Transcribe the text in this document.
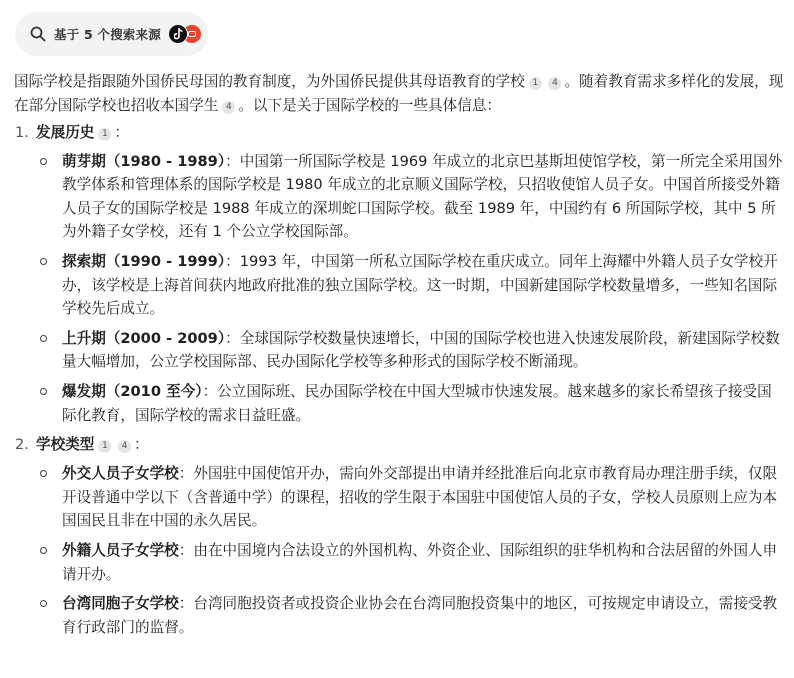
基于 5 个搜索来源

国际学校是指跟随外国侨民母国的教育制度，为外国侨民提供其母语教育的学校 1 4 。随着教育需求多样化的发展，现在部分国际学校也招收本国学生 4 。以下是关于国际学校的一些具体信息：

1. 发展历史 1 ：
萌芽期（1980 - 1989）：中国第一所国际学校是 1969 年成立的北京巴基斯坦使馆学校，第一所完全采用国外教学体系和管理体系的国际学校是 1980 年成立的北京顺义国际学校，只招收使馆人员子女。中国首所接受外籍人员子女的国际学校是 1988 年成立的深圳蛇口国际学校。截至 1989 年，中国约有 6 所国际学校，其中 5 所为外籍子女学校，还有 1 个公立学校国际部。
探索期（1990 - 1999）：1993 年，中国第一所私立国际学校在重庆成立。同年上海耀中外籍人员子女学校开办，该学校是上海首间获内地政府批准的独立国际学校。这一时期，中国新建国际学校数量增多，一些知名国际学校先后成立。
上升期（2000 - 2009）：全球国际学校数量快速增长，中国的国际学校也进入快速发展阶段，新建国际学校数量大幅增加，公立学校国际部、民办国际化学校等多种形式的国际学校不断涌现。
爆发期（2010 至今）：公立国际班、民办国际学校在中国大型城市快速发展。越来越多的家长希望孩子接受国际化教育，国际学校的需求日益旺盛。
2. 学校类型 1 4 ：
外交人员子女学校：外国驻中国使馆开办，需向外交部提出申请并经批准后向北京市教育局办理注册手续，仅限开设普通中学以下（含普通中学）的课程，招收的学生限于本国驻中国使馆人员的子女，学校人员原则上应为本国国民且非在中国的永久居民。
外籍人员子女学校：由在中国境内合法设立的外国机构、外资企业、国际组织的驻华机构和合法居留的外国人申请开办。
台湾同胞子女学校：台湾同胞投资者或投资企业协会在台湾同胞投资集中的地区，可按规定申请设立，需接受教育行政部门的监督。
